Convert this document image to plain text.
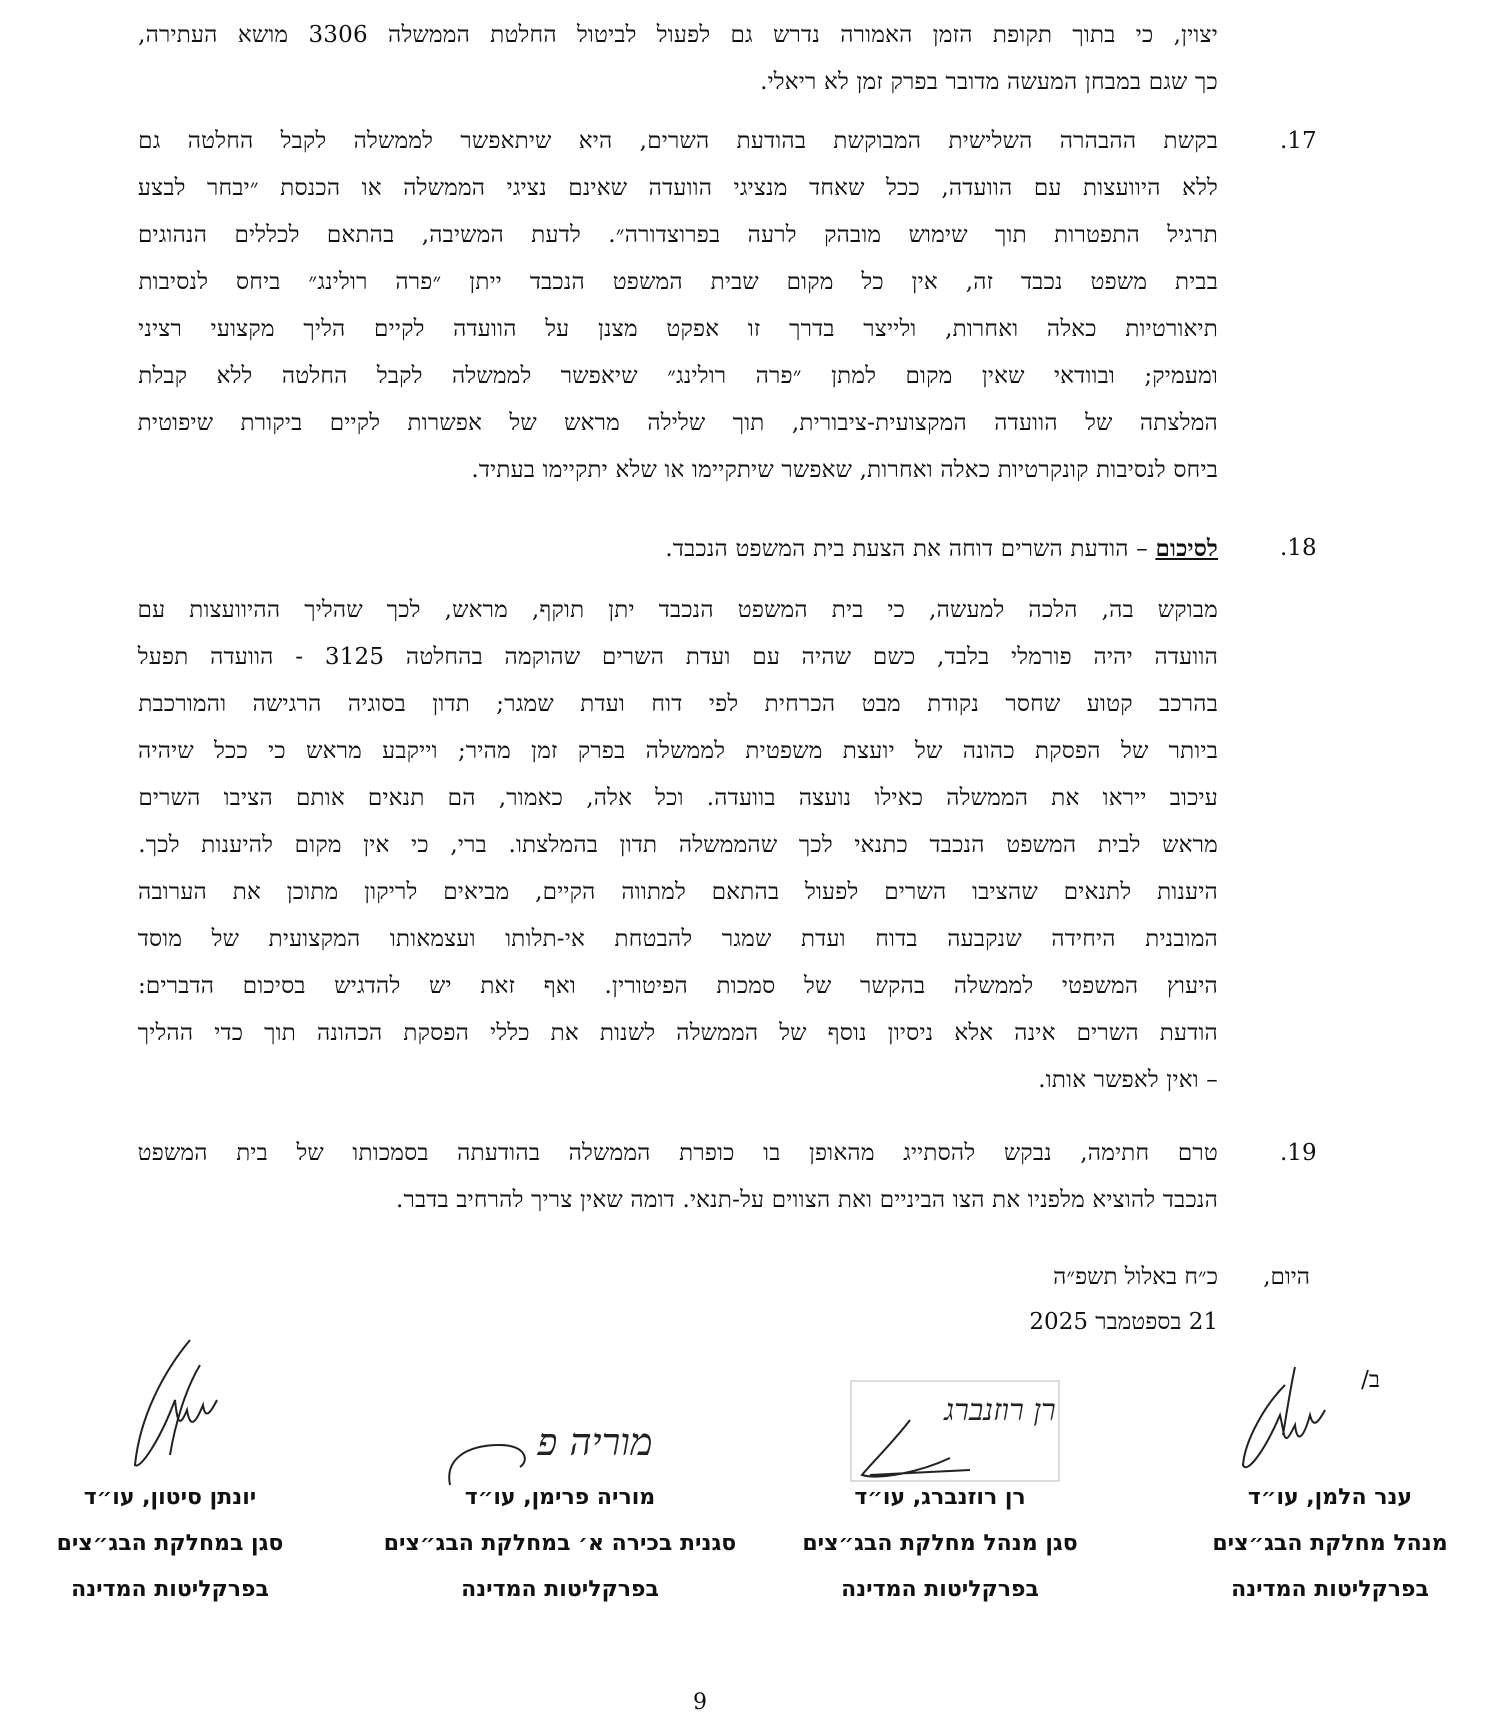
יצוין, כי בתוך תקופת הזמן האמורה נדרש גם לפעול לביטול החלטת הממשלה 3306 מושא העתירה,
כך שגם במבחן המעשה מדובר בפרק זמן לא ריאלי.
.17
בקשת ההבהרה השלישית המבוקשת בהודעת השרים, היא שיתאפשר לממשלה לקבל החלטה גם
ללא היוועצות עם הוועדה, ככל שאחד מנציגי הוועדה שאינם נציגי הממשלה או הכנסת ״יבחר לבצע
תרגיל התפטרות תוך שימוש מובהק לרעה בפרוצדורה״. לדעת המשיבה, בהתאם לכללים הנהוגים
בבית משפט נכבד זה, אין כל מקום שבית המשפט הנכבד ייתן ״פרה רולינג״ ביחס לנסיבות
תיאורטיות כאלה ואחרות, ולייצר בדרך זו אפקט מצנן על הוועדה לקיים הליך מקצועי רציני
ומעמיק; ובוודאי שאין מקום למתן ״פרה רולינג״ שיאפשר לממשלה לקבל החלטה ללא קבלת
המלצתה של הוועדה המקצועית-ציבורית, תוך שלילה מראש של אפשרות לקיים ביקורת שיפוטית
ביחס לנסיבות קונקרטיות כאלה ואחרות, שאפשר שיתקיימו או שלא יתקיימו בעתיד.
.18
לסיכום – הודעת השרים דוחה את הצעת בית המשפט הנכבד.
מבוקש בה, הלכה למעשה, כי בית המשפט הנכבד יתן תוקף, מראש, לכך שהליך ההיוועצות עם
הוועדה יהיה פורמלי בלבד, כשם שהיה עם ועדת השרים שהוקמה בהחלטה 3125 - הוועדה תפעל
בהרכב קטוע שחסר נקודת מבט הכרחית לפי דוח ועדת שמגר; תדון בסוגיה הרגישה והמורכבת
ביותר של הפסקת כהונה של יועצת משפטית לממשלה בפרק זמן מהיר; וייקבע מראש כי ככל שיהיה
עיכוב ייראו את הממשלה כאילו נועצה בוועדה. וכל אלה, כאמור, הם תנאים אותם הציבו השרים
מראש לבית המשפט הנכבד כתנאי לכך שהממשלה תדון בהמלצתו. ברי, כי אין מקום להיענות לכך.
היענות לתנאים שהציבו השרים לפעול בהתאם למתווה הקיים, מביאים לריקון מתוכן את הערובה
המובנית היחידה שנקבעה בדוח ועדת שמגר להבטחת אי-תלותו ועצמאותו המקצועית של מוסד
היעוץ המשפטי לממשלה בהקשר של סמכות הפיטורין. ואף זאת יש להדגיש בסיכום הדברים:
הודעת השרים אינה אלא ניסיון נוסף של הממשלה לשנות את כללי הפסקת הכהונה תוך כדי ההליך
– ואין לאפשר אותו.
.19
טרם חתימה, נבקש להסתייג מהאופן בו כופרת הממשלה בהודעתה בסמכותו של בית המשפט
הנכבד להוציא מלפניו את הצו הביניים ואת הצווים על-תנאי. דומה שאין צריך להרחיב בדבר.
היום,
כ״ח באלול תשפ״ה
21 בספטמבר 2025
ב/
רן רוזנברג
מוריה פ
ענר הלמן, עו״ד
מנהל מחלקת הבג״צים
בפרקליטות המדינה
רן רוזנברג, עו״ד
סגן מנהל מחלקת הבג״צים
בפרקליטות המדינה
מוריה פרימן, עו״ד
סגנית בכירה א׳ במחלקת הבג״צים
בפרקליטות המדינה
יונתן סיטון, עו״ד
סגן במחלקת הבג״צים
בפרקליטות המדינה
9
